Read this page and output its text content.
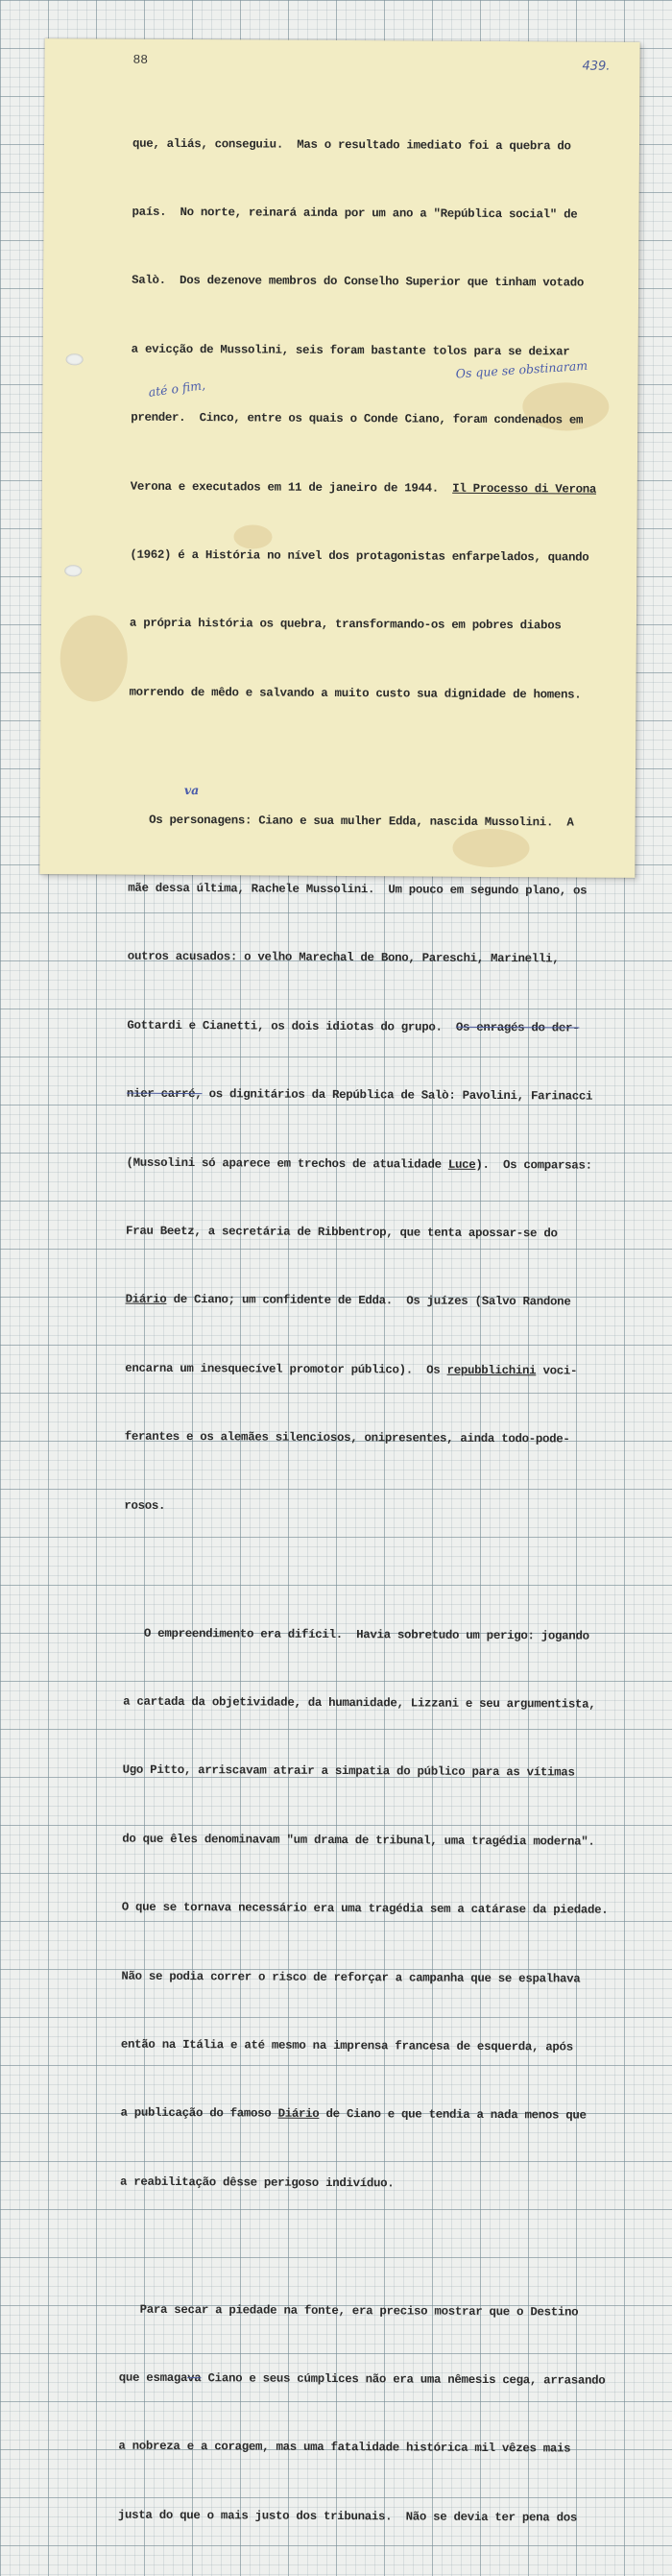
88	439.

que, aliás, conseguiu.  Mas o resultado imediato foi a quebra do

país.  No norte, reinará ainda por um ano a "República social" de

Salò.  Dos dezenove membros do Conselho Superior que tinham votado

a evicção de Mussolini, seis foram bastante tolos para se deixar

prender.  Cinco, entre os quais o Conde Ciano, foram condenados em

Verona e executados em 11 de janeiro de 1944. Il Processo di Verona

(1962) é a História no nível dos protagonistas enfarpelados, quando

a própria história os quebra, transformando-os em pobres diabos

morrendo de mêdo e salvando a muito custo sua dignidade de homens.

Os personagens: Ciano e sua mulher Edda, nascida Mussolini.  A

mãe dessa última, Rachele Mussolini.  Um pouco em segundo plano, os

outros acusados: o velho Marechal de Bono, Pareschi, Marinelli,

Gottardi e Cianetti, os dois idiotas do grupo. Os enragés do der-

nier carré, os dignitários da República de Salò: Pavolini, Farinacci

(Mussolini só aparece em trechos de atualidade Luce).  Os comparsas:

Frau Beetz, a secretária de Ribbentrop, que tenta apossar-se do

Diário de Ciano; um confidente de Edda.  Os juízes (Salvo Randone

encarna um inesquecível promotor público).  Os repubblichini voci-

ferantes e os alemães silenciosos, onipresentes, ainda todo-pode-

rosos.

O empreendimento era difícil.  Havia sobretudo um perigo: jogando

a cartada da objetividade, da humanidade, Lizzani e seu argumentista,

Ugo Pitto, arriscavam atrair a simpatia do público para as vítimas

do que êles denominavam "um drama de tribunal, uma tragédia moderna".

O que se tornava necessário era uma tragédia sem a catárase da piedade.

Não se podia correr o risco de reforçar a campanha que se espalhava

então na Itália e até mesmo na imprensa francesa de esquerda, após

a publicação do famoso Diário de Ciano e que tendia a nada menos que

a reabilitação dêsse perigoso indivíduo.

Para secar a piedade na fonte, era preciso mostrar que o Destino

que esmagava Ciano e seus cúmplices não era uma nêmesis cega, arrasando

a nobreza e a coragem, mas uma fatalidade histórica mil vêzes mais

justa do que o mais justo dos tribunais.  Não se devia ter pena dos

Os que se obstinaram
até o fim,
va
